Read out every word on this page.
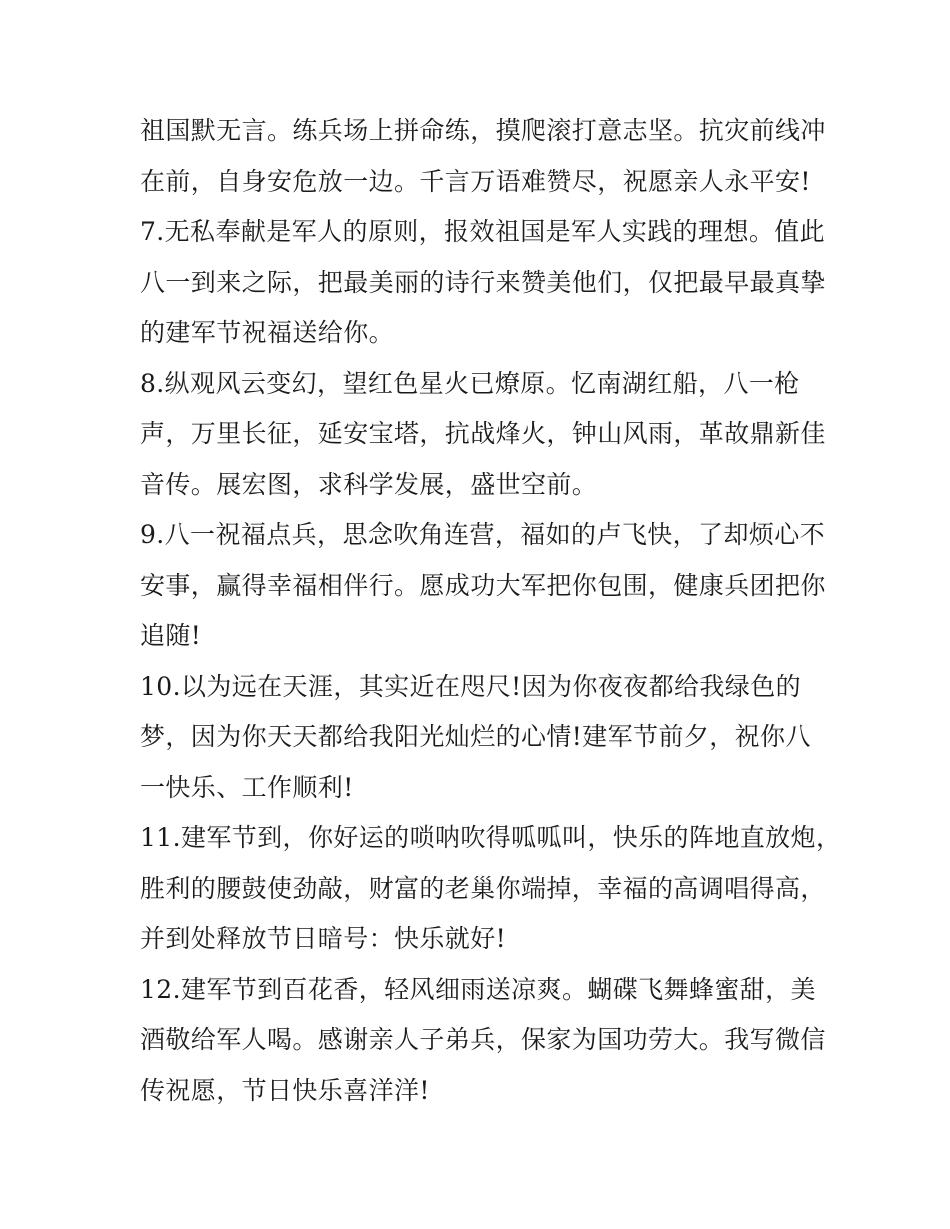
祖国默无言。练兵场上拼命练，摸爬滚打意志坚。抗灾前线冲
在前，自身安危放一边。千言万语难赞尽，祝愿亲人永平安!
7.无私奉献是军人的原则，报效祖国是军人实践的理想。值此
八一到来之际，把最美丽的诗行来赞美他们，仅把最早最真挚
的建军节祝福送给你。
8.纵观风云变幻，望红色星火已燎原。忆南湖红船，八一枪
声，万里长征，延安宝塔，抗战烽火，钟山风雨，革故鼎新佳
音传。展宏图，求科学发展，盛世空前。
9.八一祝福点兵，思念吹角连营，福如的卢飞快，了却烦心不
安事，赢得幸福相伴行。愿成功大军把你包围，健康兵团把你
追随!
10.以为远在天涯，其实近在咫尺!因为你夜夜都给我绿色的
梦，因为你天天都给我阳光灿烂的心情!建军节前夕，祝你八
一快乐、工作顺利!
11.建军节到，你好运的唢呐吹得呱呱叫，快乐的阵地直放炮，
胜利的腰鼓使劲敲，财富的老巢你端掉，幸福的高调唱得高，
并到处释放节日暗号：快乐就好!
12.建军节到百花香，轻风细雨送凉爽。蝴碟飞舞蜂蜜甜，美
酒敬给军人喝。感谢亲人子弟兵，保家为国功劳大。我写微信
传祝愿，节日快乐喜洋洋!
